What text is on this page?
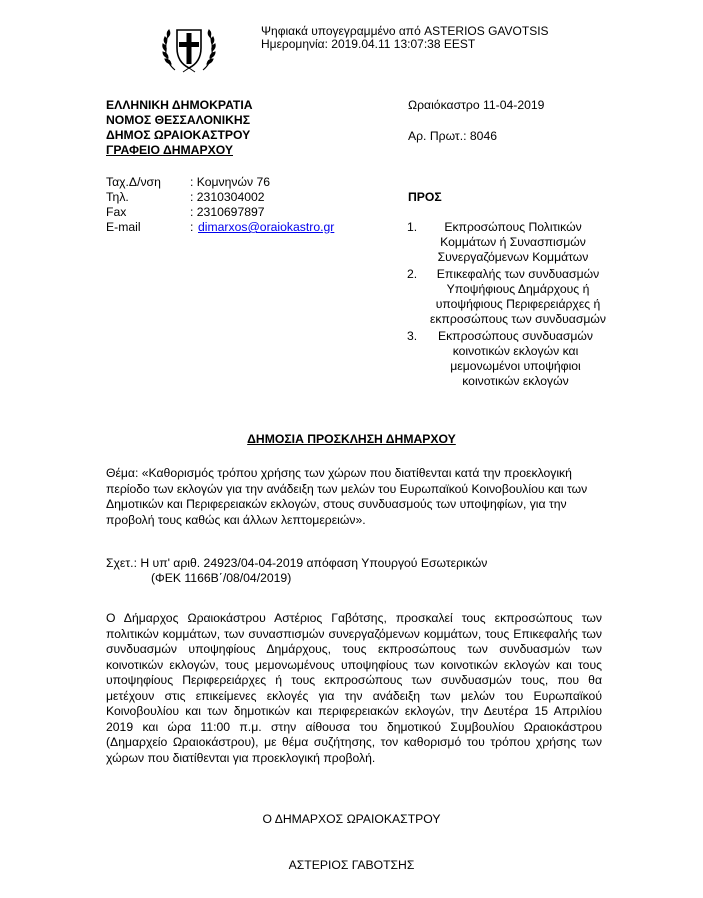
Ψηφιακά υπογεγραμμένο από ASTERIOS GAVOTSIS
Ημερομηνία: 2019.04.11 13:07:38 EEST
ΕΛΛΗΝΙΚΗ ΔΗΜΟΚΡΑΤΙΑ
ΝΟΜΟΣ ΘΕΣΣΑΛΟΝΙΚΗΣ
ΔΗΜΟΣ ΩΡΑΙΟΚΑΣΤΡΟΥ
ΓΡΑΦΕΙΟ ΔΗΜΑΡΧΟΥ
Ωραιόκαστρο 11-04-2019
Αρ. Πρωτ.: 8046
Ταχ.Δ/νση : Κομνηνών 76
Τηλ.	: 2310304002
Fax	: 2310697897
E-mail	: dimarxos@oraiokastro.gr
ΠΡΟΣ
1.	Εκπροσώπους Πολιτικών Κομμάτων ή Συνασπισμών Συνεργαζόμενων Κομμάτων
2.	Επικεφαλής των συνδυασμών Υποψήφιους Δημάρχους ή υποψήφιους Περιφερειάρχες ή εκπροσώπους των συνδυασμών
3.	Εκπροσώπους συνδυασμών κοινοτικών εκλογών και μεμονωμένοι υποψήφιοι κοινοτικών εκλογών
ΔΗΜΟΣΙΑ ΠΡΟΣΚΛΗΣΗ ΔΗΜΑΡΧΟΥ
Θέμα: «Καθορισμός τρόπου χρήσης των χώρων που διατίθενται κατά την προεκλογική περίοδο των εκλογών για την ανάδειξη των μελών του Ευρωπαϊκού Κοινοβουλίου και των Δημοτικών και Περιφερειακών εκλογών, στους συνδυασμούς των υποψηφίων, για την προβολή τους καθώς και άλλων λεπτομερειών».
Σχετ.: Η υπ' αριθ. 24923/04-04-2019 απόφαση Υπουργού Εσωτερικών
(ΦΕΚ 1166Β΄/08/04/2019)
Ο Δήμαρχος Ωραιοκάστρου Αστέριος Γαβότσης, προσκαλεί τους εκπροσώπους των πολιτικών κομμάτων, των συνασπισμών συνεργαζόμενων κομμάτων, τους Επικεφαλής των συνδυασμών υποψηφίους Δημάρχους, τους εκπροσώπους των συνδυασμών των κοινοτικών εκλογών, τους μεμονωμένους υποψηφίους των κοινοτικών εκλογών και τους υποψηφίους Περιφερειάρχες ή τους εκπροσώπους των συνδυασμών τους, που θα μετέχουν στις επικείμενες εκλογές για την ανάδειξη των μελών του Ευρωπαϊκού Κοινοβουλίου και των δημοτικών και περιφερειακών εκλογών, την Δευτέρα 15 Απριλίου 2019 και ώρα 11:00 π.μ. στην αίθουσα του δημοτικού Συμβουλίου Ωραιοκάστρου (Δημαρχείο Ωραιοκάστρου), με θέμα συζήτησης, τον καθορισμό του τρόπου χρήσης των χώρων που διατίθενται για προεκλογική προβολή.
Ο ΔΗΜΑΡΧΟΣ ΩΡΑΙΟΚΑΣΤΡΟΥ
ΑΣΤΕΡΙΟΣ ΓΑΒΟΤΣΗΣ
